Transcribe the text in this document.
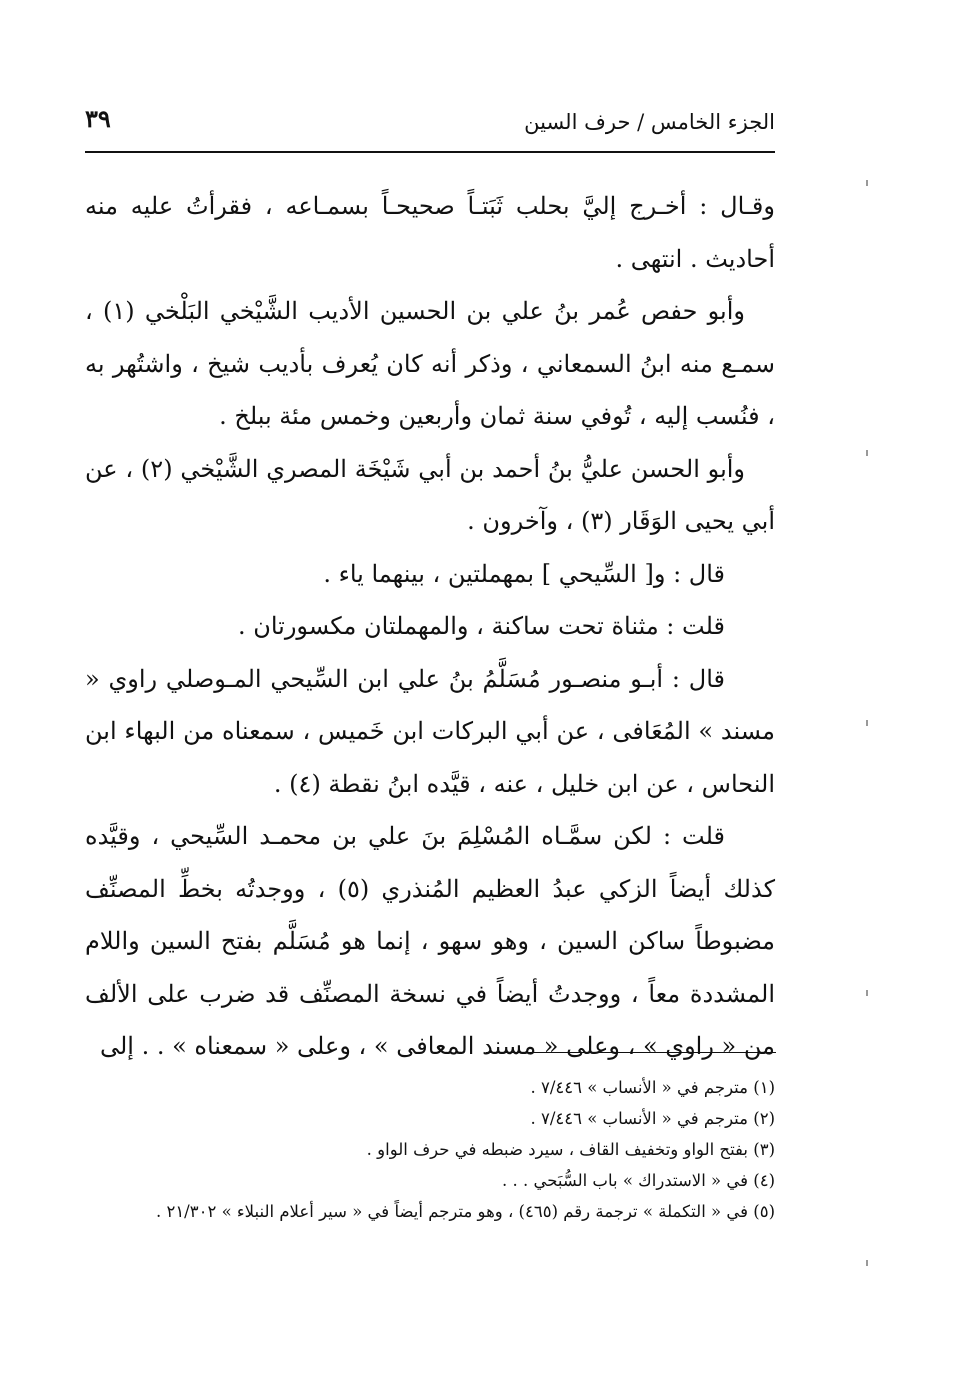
الجزء الخامس / حرف السين
٣٩

وقـال : أخـرج إليَّ بحلب ثَبَتـاً صحيحـاً بسمـاعه ، فقرأتُ عليه منه أحاديث . انتهى .

وأبو حفص عُمر بنُ علي بن الحسين الأديب الشَّيْخي البَلْخي (١) ، سمـع منه ابنُ السمعاني ، وذكر أنه كان يُعرف بأديب شيخ ، واشتُهر به ، فنُسب إليه ، تُوفي سنة ثمان وأربعين وخمس مئة ببلخ .

وأبو الحسن عليُّ بنُ أحمد بن أبي شَيْخَة المصري الشَّيْخي (٢) ، عن أبي يحيى الوَقَار (٣) ، وآخرون .

قال : و[ السِّيحي ] بمهملتين ، بينهما ياء .

قلت : مثناة تحت ساكنة ، والمهملتان مكسورتان .

قال : أبـو منصـور مُسَلَّمُ بنُ علي ابن السِّيحي المـوصلي راوي « مسند » المُعَافى ، عن أبي البركات ابن خَميس ، سمعناه من البهاء ابن النحاس ، عن ابن خليل ، عنه ، قيَّده ابنُ نقطة (٤) .

قلت : لكن سمَّـاه المُسْلِمَ بنَ علي بن محمـد السِّيحي ، وقيَّده كذلك أيضاً الزكي عبدُ العظيم المُنذري (٥) ، ووجدتُه بخطِّ المصنِّف مضبوطاً ساكن السين ، وهو سهو ، إنما هو مُسَلَّم بفتح السين واللام المشددة معاً ، ووجدتُ أيضاً في نسخة المصنِّف قد ضرب على الألف من « راوي » ، وعلى « مسند المعافى » ، وعلى « سمعناه » . . إلى

(١) مترجم في « الأنساب » ٧/٤٤٦ .

(٢) مترجم في « الأنساب » ٧/٤٤٦ .

(٣) بفتح الواو وتخفيف القاف ، سيرد ضبطه في حرف الواو .

(٤) في « الاستدراك » باب السُّبَحي . . .

(٥) في « التكملة » ترجمة رقم (٤٦٥) ، وهو مترجم أيضاً في « سير أعلام النبلاء » ٢١/٣٠٢ .
